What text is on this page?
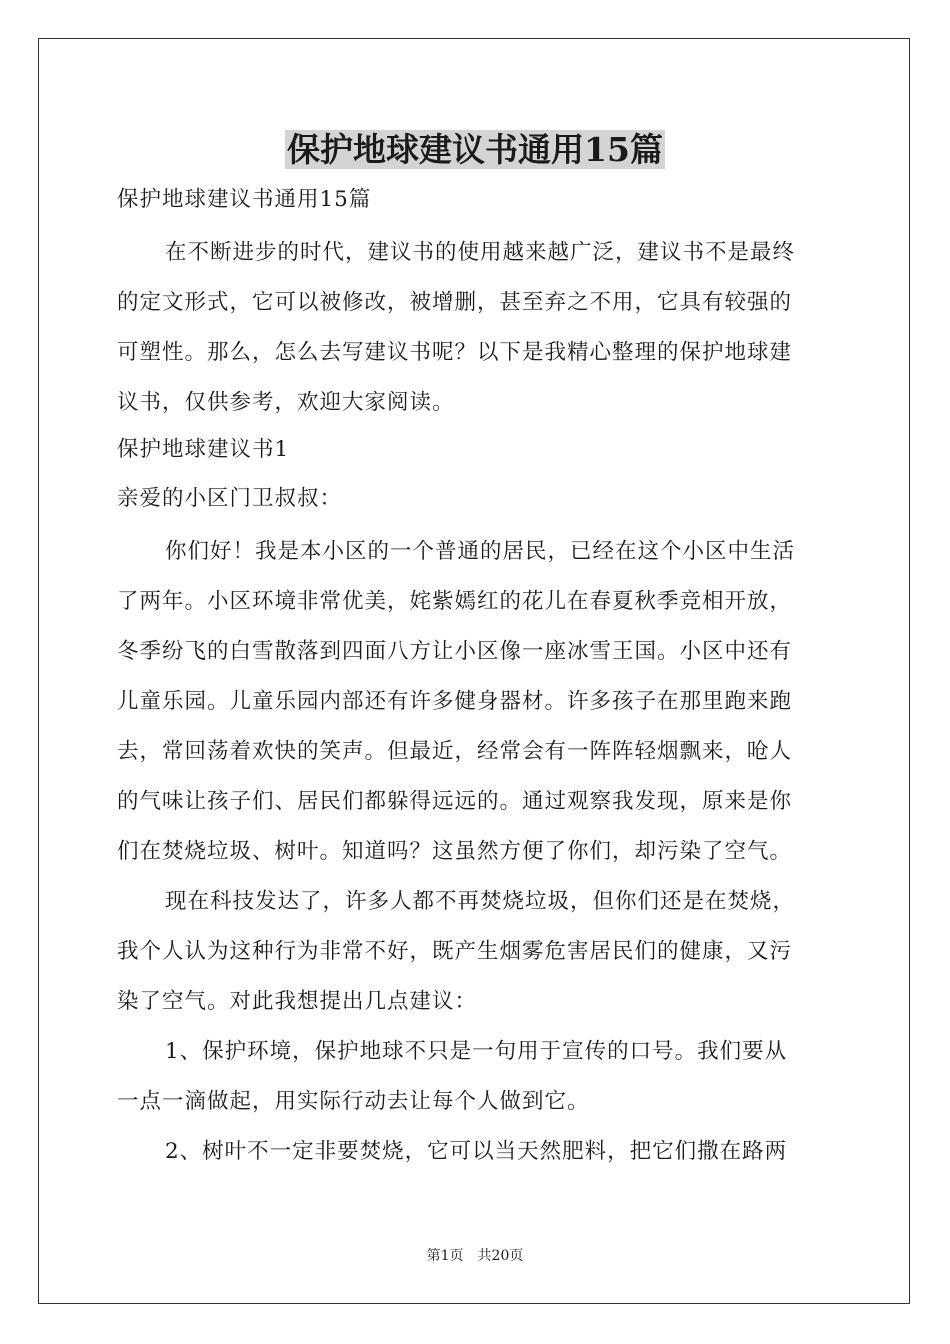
保护地球建议书通用15篇
保护地球建议书通用15篇
在不断进步的时代，建议书的使用越来越广泛，建议书不是最终
的定文形式，它可以被修改，被增删，甚至弃之不用，它具有较强的
可塑性。那么，怎么去写建议书呢？以下是我精心整理的保护地球建
议书，仅供参考，欢迎大家阅读。
保护地球建议书1
亲爱的小区门卫叔叔：
你们好！我是本小区的一个普通的居民，已经在这个小区中生活
了两年。小区环境非常优美，姹紫嫣红的花儿在春夏秋季竞相开放，
冬季纷飞的白雪散落到四面八方让小区像一座冰雪王国。小区中还有
儿童乐园。儿童乐园内部还有许多健身器材。许多孩子在那里跑来跑
去，常回荡着欢快的笑声。但最近，经常会有一阵阵轻烟飘来，呛人
的气味让孩子们、居民们都躲得远远的。通过观察我发现，原来是你
们在焚烧垃圾、树叶。知道吗？这虽然方便了你们，却污染了空气。
现在科技发达了，许多人都不再焚烧垃圾，但你们还是在焚烧，
我个人认为这种行为非常不好，既产生烟雾危害居民们的健康，又污
染了空气。对此我想提出几点建议：
1、保护环境，保护地球不只是一句用于宣传的口号。我们要从
一点一滴做起，用实际行动去让每个人做到它。
2、树叶不一定非要焚烧，它可以当天然肥料，把它们撒在路两
第1页　共20页
